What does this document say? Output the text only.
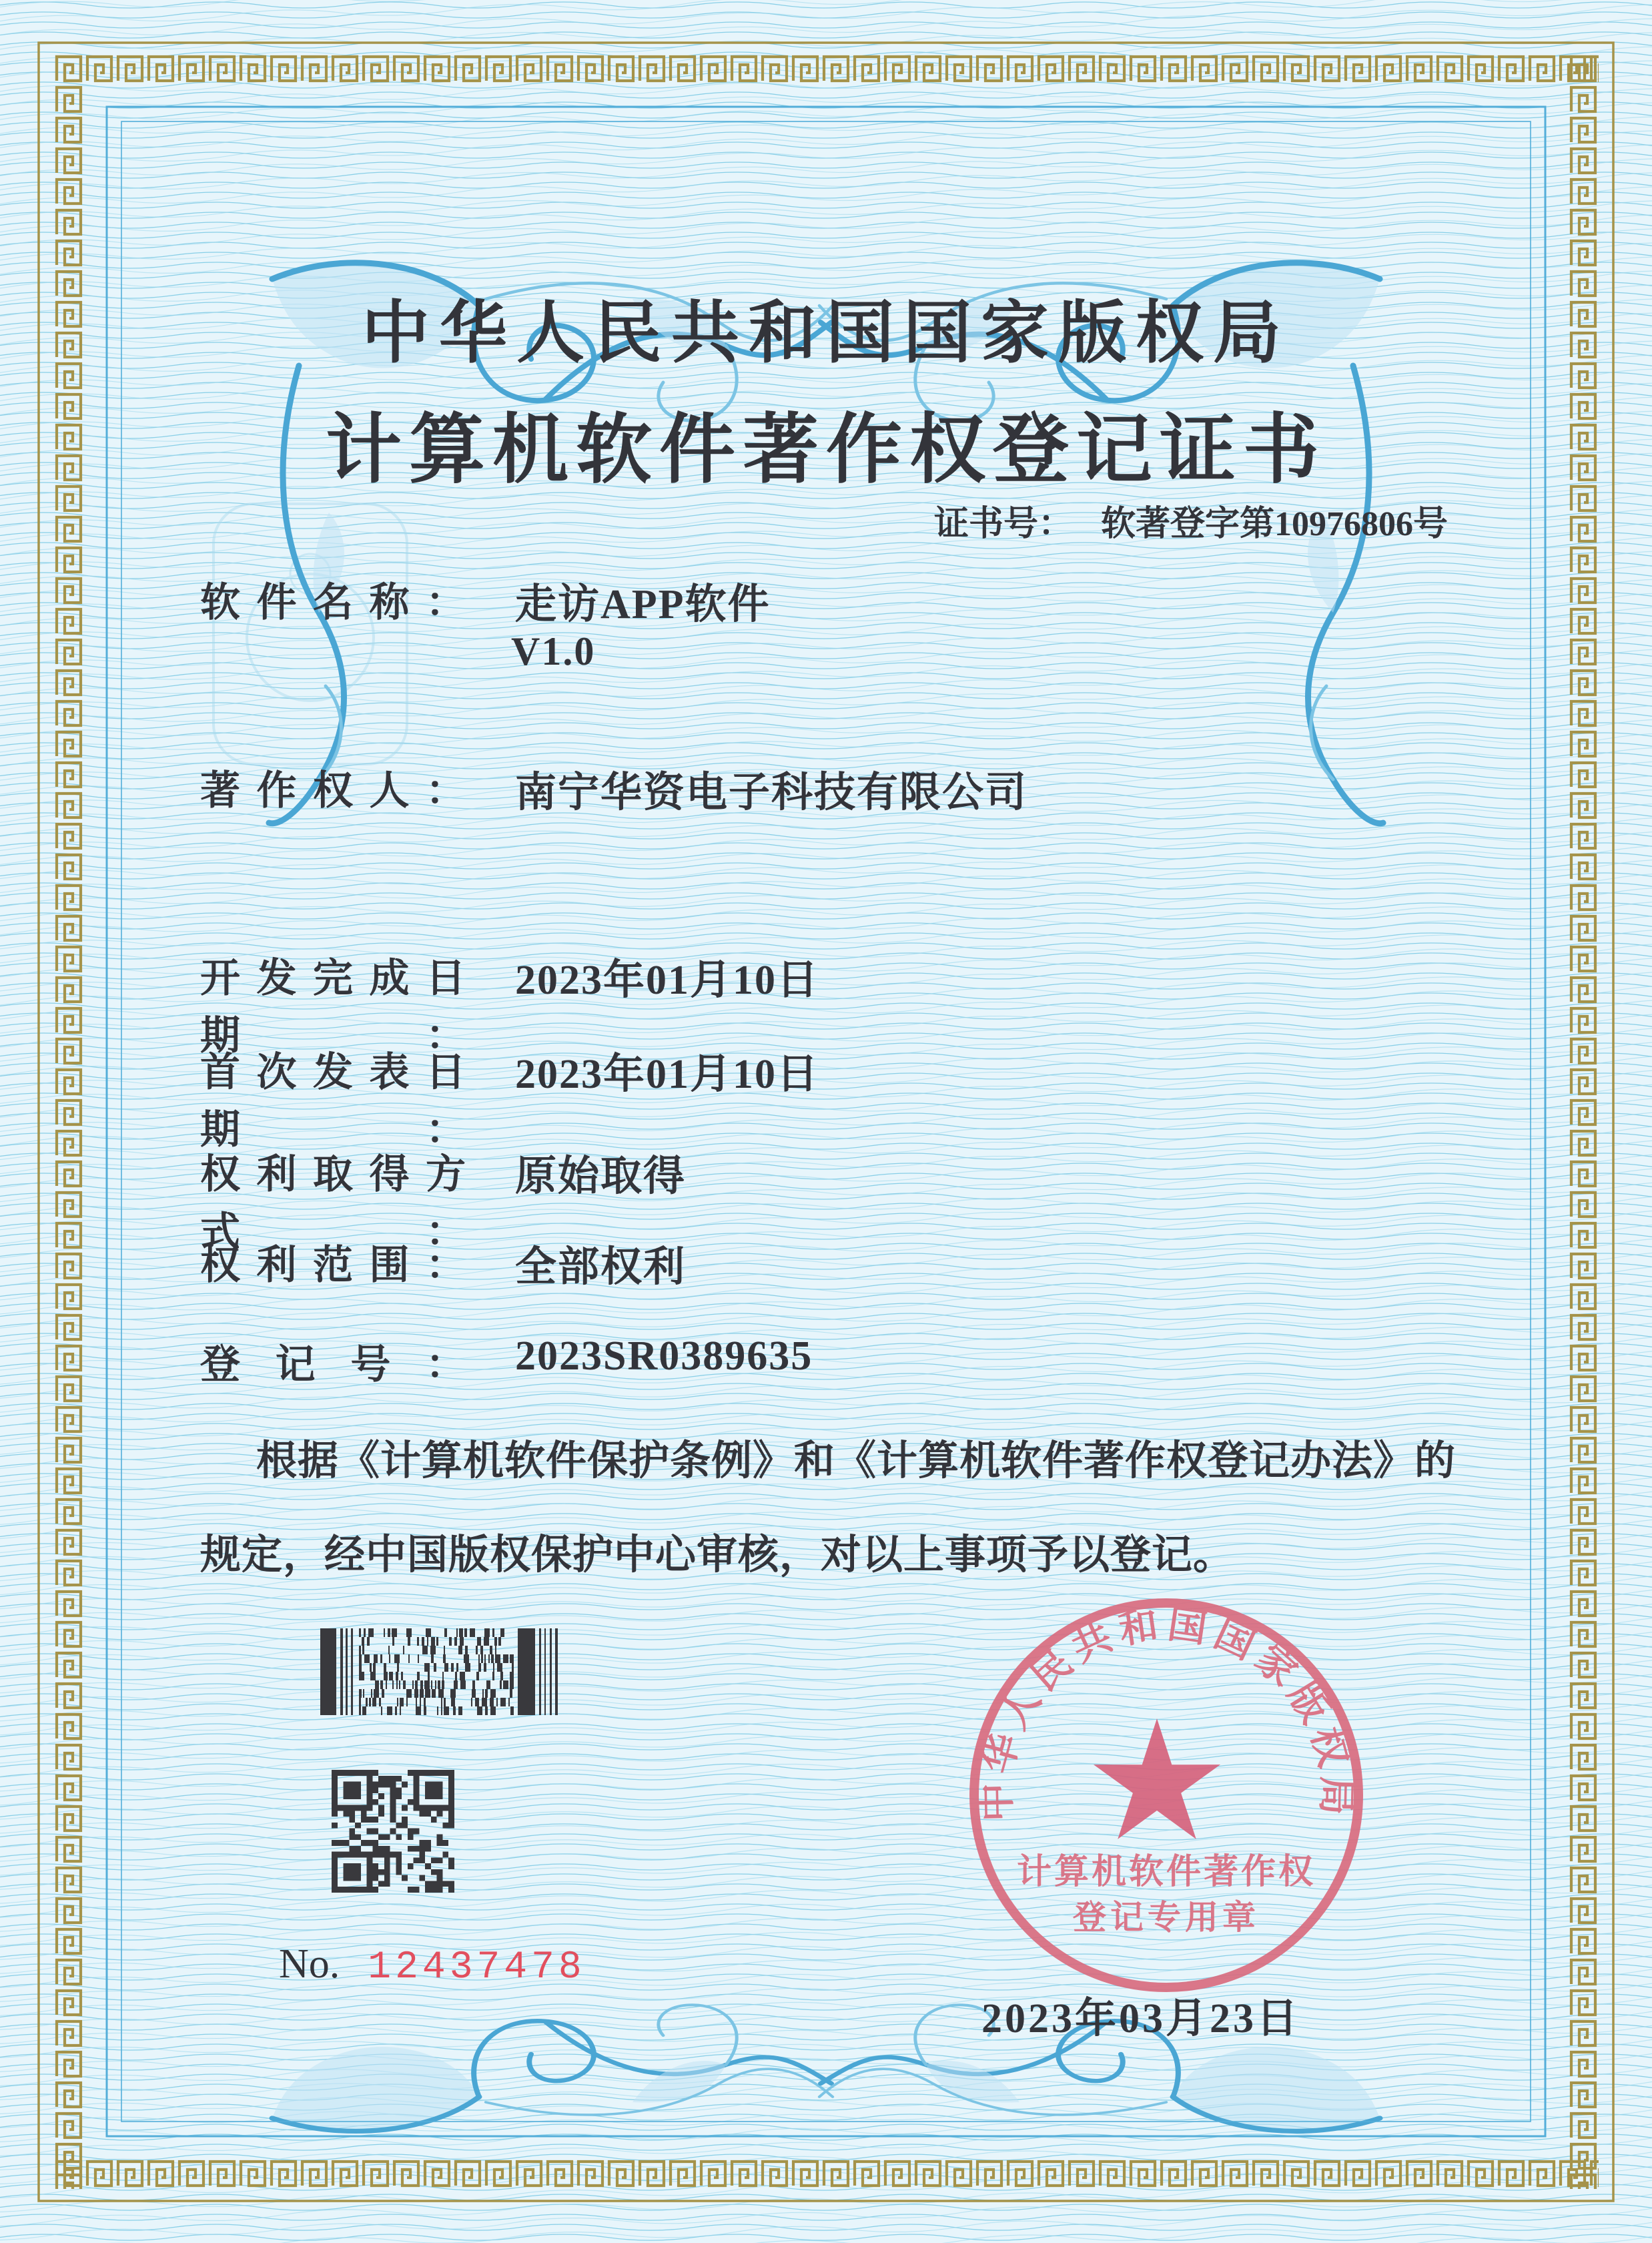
中华人民共和国国家版权局
计算机软件著作权登记证书
证书号： 软著登字第10976806号
软件名称： 走访APP软件
V1.0
著作权人： 南宁华资电子科技有限公司
开发完成日期：
2023年01月10日
首次发表日期：
2023年01月10日
权利取得方式：
原始取得
权利范围： 全部权利
登记号： 2023SR0389635
根据《计算机软件保护条例》和《计算机软件著作权登记办法》的
规定，经中国版权保护中心审核，对以上事项予以登记。
No. 12437478
中华人民共和国国家版权局
计算机软件著作权
登记专用章
2023年03月23日
